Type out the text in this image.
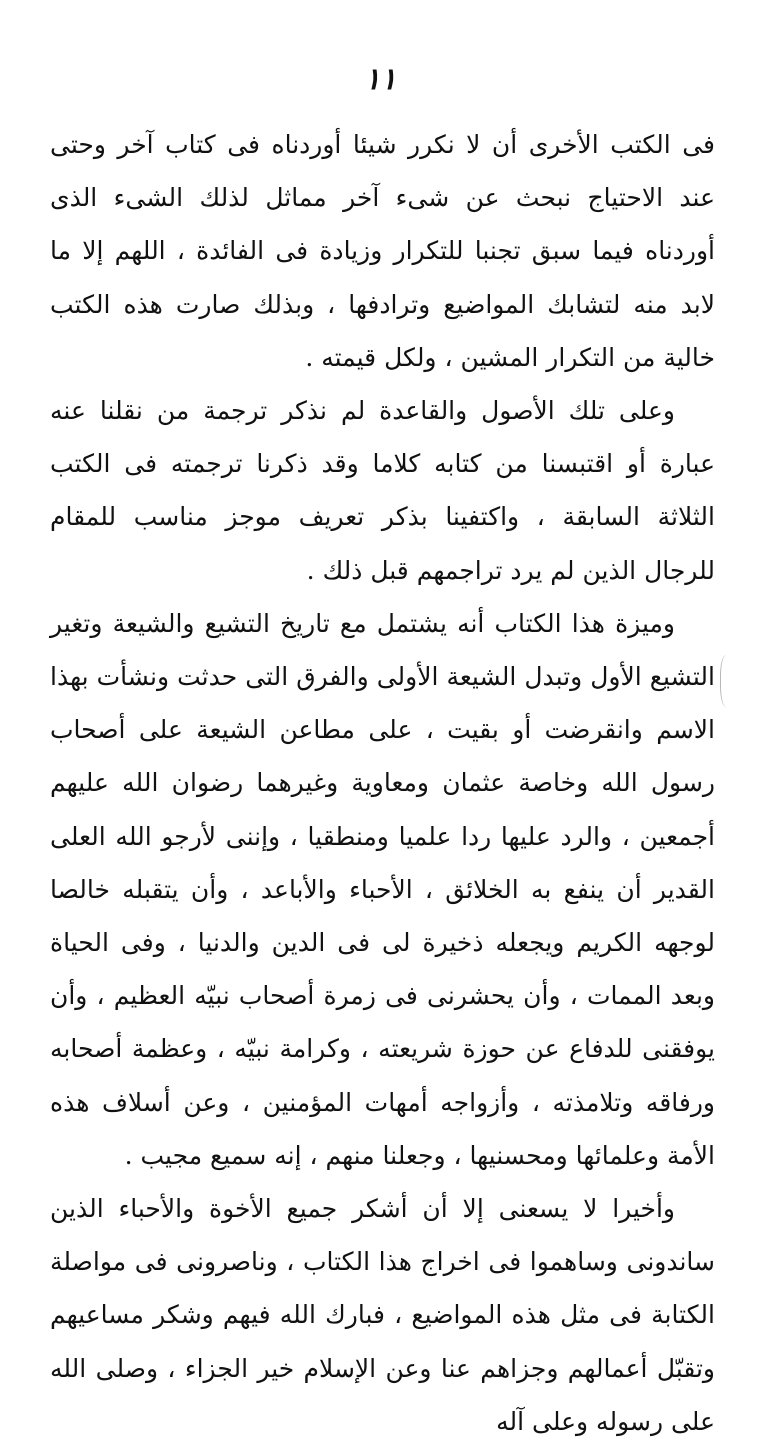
١١

فى الكتب الأخرى أن لا نكرر شيئا أوردناه فى كتاب آخر وحتى عند الاحتياج نبحث عن شىء آخر مماثل لذلك الشىء الذى أوردناه فيما سبق تجنبا للتكرار وزيادة فى الفائدة ، اللهم إلا ما لابد منه لتشابك المواضيع وترادفها ، وبذلك صارت هذه الكتب خالية من التكرار المشين ، ولكل قيمته .

وعلى تلك الأصول والقاعدة لم نذكر ترجمة من نقلنا عنه عبارة أو اقتبسنا من كتابه كلاما وقد ذكرنا ترجمته فى الكتب الثلاثة السابقة ، واكتفينا بذكر تعريف موجز مناسب للمقام للرجال الذين لم يرد تراجمهم قبل ذلك .

وميزة هذا الكتاب أنه يشتمل مع تاريخ التشيع والشيعة وتغير التشيع الأول وتبدل الشيعة الأولى والفرق التى حدثت ونشأت بهذا الاسم وانقرضت أو بقيت ، على مطاعن الشيعة على أصحاب رسول الله وخاصة عثمان ومعاوية وغيرهما رضوان الله عليهم أجمعين ، والرد عليها ردا علميا ومنطقيا ، وإننى لأرجو الله العلى القدير أن ينفع به الخلائق ، الأحباء والأباعد ، وأن يتقبله خالصا لوجهه الكريم ويجعله ذخيرة لى فى الدين والدنيا ، وفى الحياة وبعد الممات ، وأن يحشرنى فى زمرة أصحاب نبيّه العظيم ، وأن يوفقنى للدفاع عن حوزة شريعته ، وكرامة نبيّه ، وعظمة أصحابه ورفاقه وتلامذته ، وأزواجه أمهات المؤمنين ، وعن أسلاف هذه الأمة وعلمائها ومحسنيها ، وجعلنا منهم ، إنه سميع مجيب .

وأخيرا لا يسعنى إلا أن أشكر جميع الأخوة والأحباء الذين ساندونى وساهموا فى اخراج هذا الكتاب ، وناصرونى فى مواصلة الكتابة فى مثل هذه المواضيع ، فبارك الله فيهم وشكر مساعيهم وتقبّل أعمالهم وجزاهم عنا وعن الإسلام خير الجزاء ، وصلى الله على رسوله وعلى آله
